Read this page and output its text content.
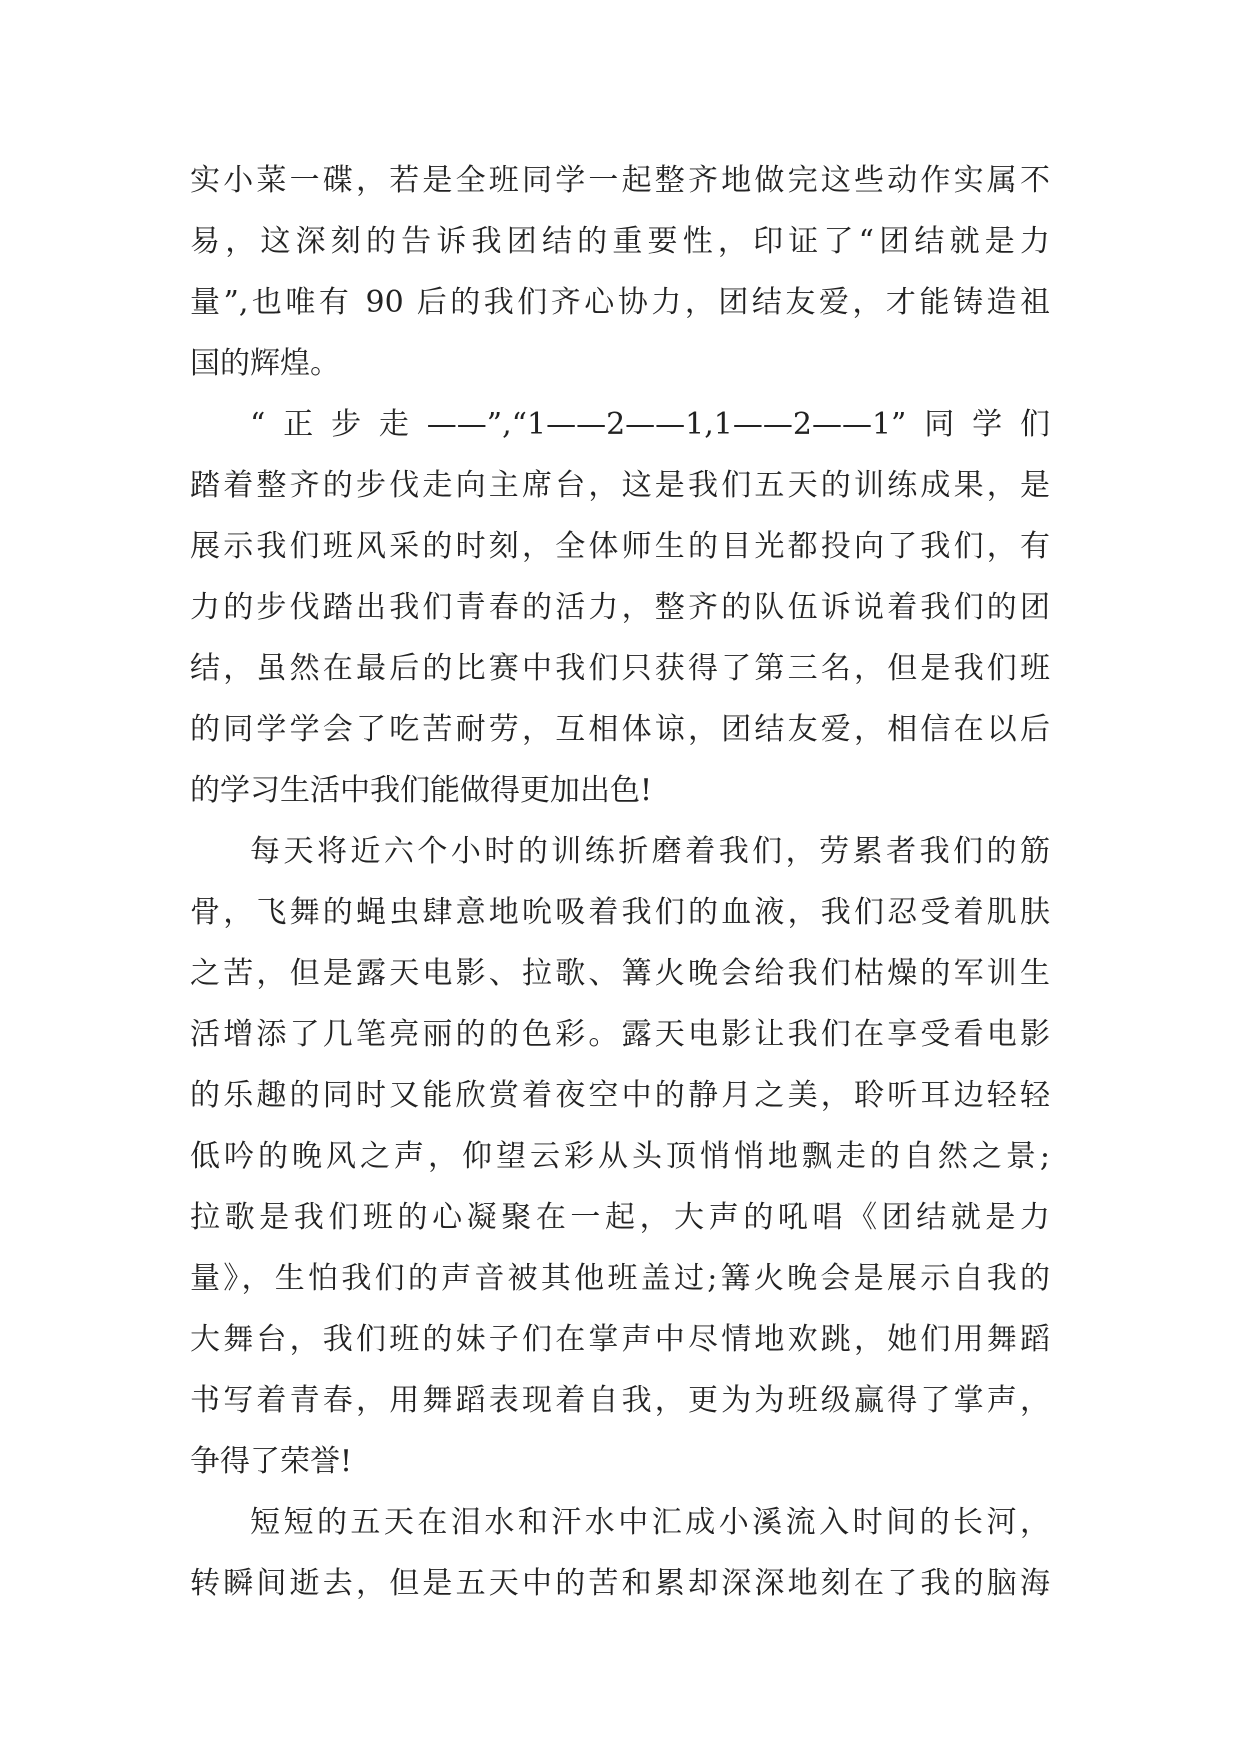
实小菜一碟，若是全班同学一起整齐地做完这些动作实属不
易，这深刻的告诉我团结的重要性，印证了“团结就是力
量”,也唯有 90 后的我们齐心协力，团结友爱，才能铸造祖
国的辉煌。
“正步走——”,“1——2——1,1——2——1”同学们
踏着整齐的步伐走向主席台，这是我们五天的训练成果，是
展示我们班风采的时刻，全体师生的目光都投向了我们，有
力的步伐踏出我们青春的活力，整齐的队伍诉说着我们的团
结，虽然在最后的比赛中我们只获得了第三名，但是我们班
的同学学会了吃苦耐劳，互相体谅，团结友爱，相信在以后
的学习生活中我们能做得更加出色!
每天将近六个小时的训练折磨着我们，劳累者我们的筋
骨，飞舞的蝇虫肆意地吮吸着我们的血液，我们忍受着肌肤
之苦，但是露天电影、拉歌、篝火晚会给我们枯燥的军训生
活增添了几笔亮丽的的色彩。露天电影让我们在享受看电影
的乐趣的同时又能欣赏着夜空中的静月之美，聆听耳边轻轻
低吟的晚风之声，仰望云彩从头顶悄悄地飘走的自然之景;
拉歌是我们班的心凝聚在一起，大声的吼唱《团结就是力
量》，生怕我们的声音被其他班盖过;篝火晚会是展示自我的
大舞台，我们班的妹子们在掌声中尽情地欢跳，她们用舞蹈
书写着青春，用舞蹈表现着自我，更为为班级赢得了掌声，
争得了荣誉!
短短的五天在泪水和汗水中汇成小溪流入时间的长河，
转瞬间逝去，但是五天中的苦和累却深深地刻在了我的脑海
